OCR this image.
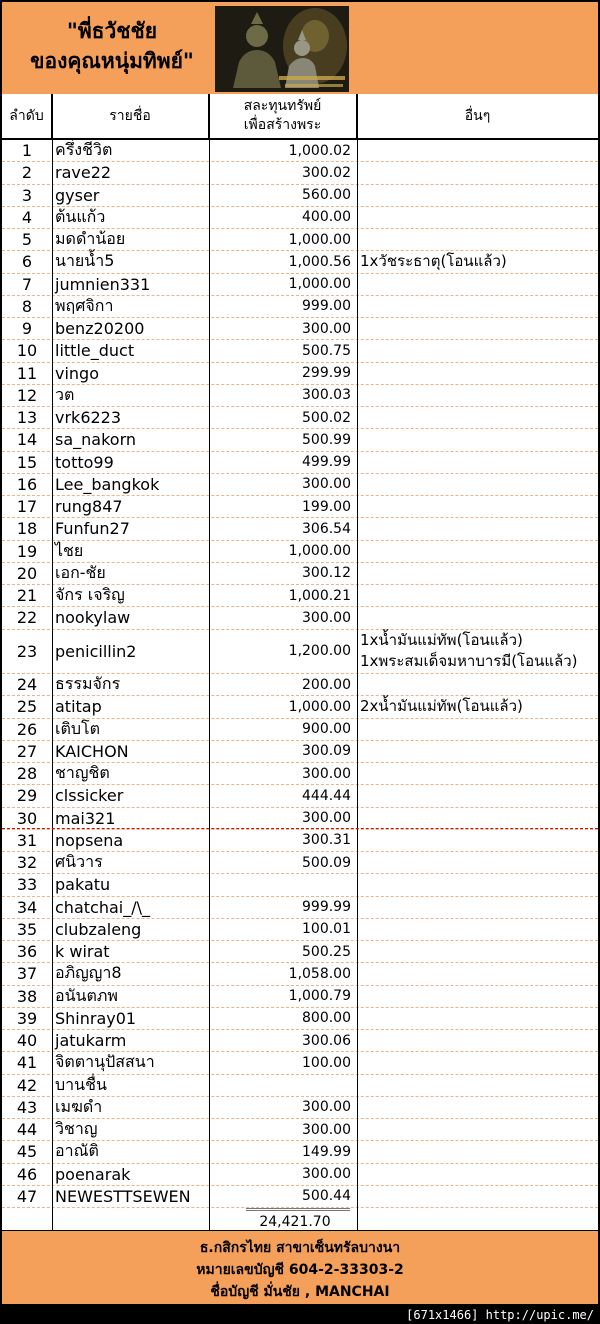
"พี่ธวัชชัย
ของคุณหนุ่มทิพย์"
ลำดับ	รายชื่อ
สละทุนทรัพย์
เพื่อสร้างพระ
อื่นๆ
1	ครึ่งชีวิต	1,000.02
2	rave22	300.02
3	gyser	560.00
4	ต้นแก้ว	400.00
5	มดดำน้อย	1,000.00
6	นายน้ำ5	1,000.56 1xวัชระธาตุ(โอนแล้ว)
7	jumnien331	1,000.00
8	พฤศจิกา	999.00
9	benz20200	300.00
10	little_duct	500.75
11	vingo	299.99
12	วต	300.03
13	vrk6223	500.02
14	sa_nakorn	500.99
15	totto99	499.99
16	Lee_bangkok	300.00
17	rung847	199.00
18	Funfun27	306.54
19	ไชย	1,000.00
20	เอก-ชัย	300.12
21	จักร เจริญ	1,000.21
22	nookylaw	300.00
23	penicillin2	1,200.00
1xน้ำมันแม่ทัพ(โอนแล้ว)
1xพระสมเด็จมหาบารมี(โอนแล้ว)
24	ธรรมจักร	200.00
25	atitap	1,000.00 2xน้ำมันแม่ทัพ(โอนแล้ว)
26	เติบโต	900.00
27	KAICHON	300.09
28	ชาญชิต	300.00
29	clssicker	444.44
30	mai321	300.00
31	nopsena	300.31
32	ศนิวาร	500.09
33	pakatu
34	chatchai_/\_	999.99
35	clubzaleng	100.01
36	k wirat	500.25
37	อภิญญา8	1,058.00
38	อนันตภพ	1,000.79
39	Shinray01	800.00
40	jatukarm	300.06
41	จิตตานุปัสสนา	100.00
42	บานชื่น
43	เมฆดำ	300.00
44	วิชาญ	300.00
45	อาณัติ	149.99
46	poenarak	300.00
47	NEWESTTSEWEN	500.44
24,421.70
ธ.กสิกรไทย สาขาเซ็นทรัลบางนา
หมายเลขบัญชี 604-2-33303-2
ชื่อบัญชี มั่นชัย , MANCHAI
[671x1466] http://upic.me/
